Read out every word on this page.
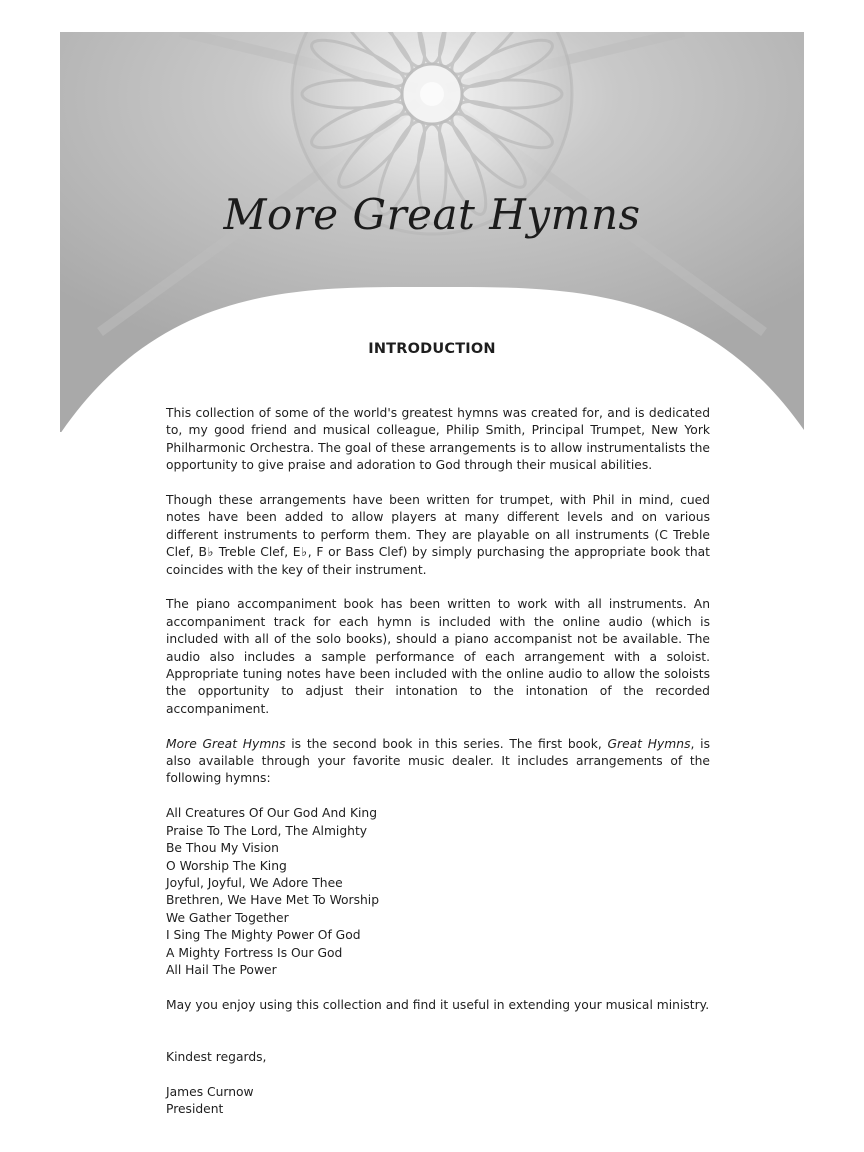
More Great Hymns
INTRODUCTION

This collection of some of the world's greatest hymns was created for, and is dedicated to, my good friend and musical colleague, Philip Smith, Principal Trumpet, New York Philharmonic Orchestra. The goal of these arrangements is to allow instrumentalists the opportunity to give praise and adoration to God through their musical abilities.

Though these arrangements have been written for trumpet, with Phil in mind, cued notes have been added to allow players at many different levels and on various different instruments to perform them. They are playable on all instruments (C Treble Clef, B♭ Treble Clef, E♭, F or Bass Clef) by simply purchasing the appropriate book that coincides with the key of their instrument.

The piano accompaniment book has been written to work with all instruments. An accompaniment track for each hymn is included with the online audio (which is included with all of the solo books), should a piano accompanist not be available. The audio also includes a sample performance of each arrangement with a soloist. Appropriate tuning notes have been included with the online audio to allow the soloists the opportunity to adjust their intonation to the intonation of the recorded accompaniment.

More Great Hymns is the second book in this series. The first book, Great Hymns, is also available through your favorite music dealer. It includes arrangements of the following hymns:

All Creatures Of Our God And King
Praise To The Lord, The Almighty
Be Thou My Vision
O Worship The King
Joyful, Joyful, We Adore Thee
Brethren, We Have Met To Worship
We Gather Together
I Sing The Mighty Power Of God
A Mighty Fortress Is Our God
All Hail The Power

May you enjoy using this collection and find it useful in extending your musical ministry.

Kindest regards,

James Curnow

President
